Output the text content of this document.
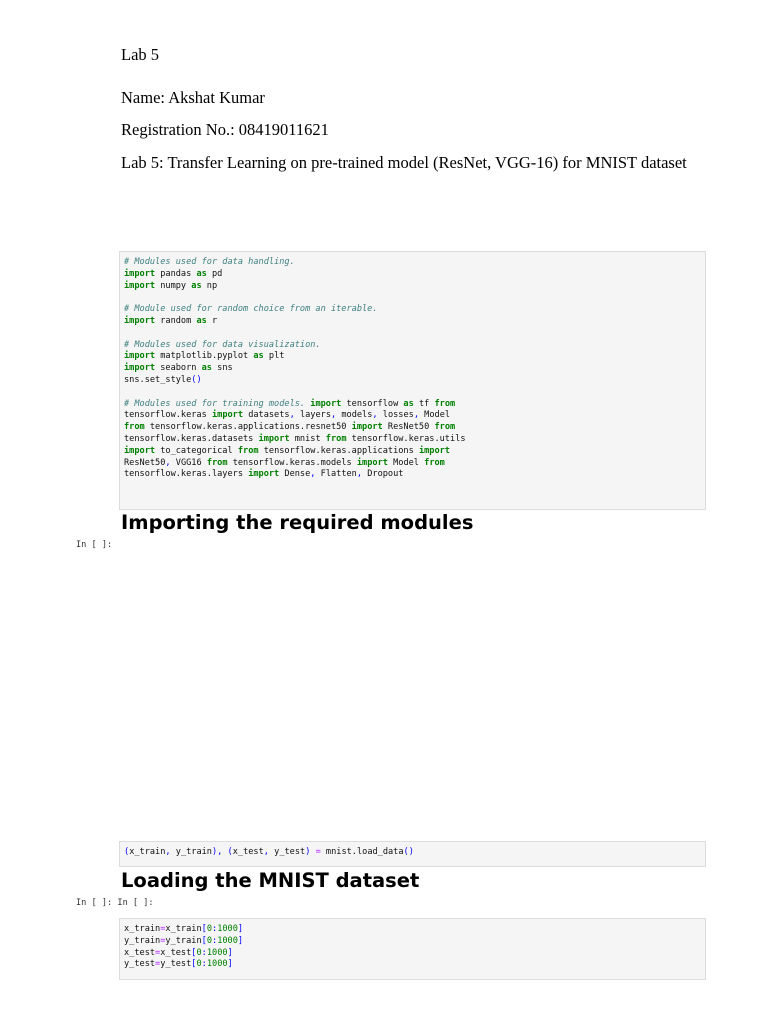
Lab 5
Name: Akshat Kumar
Registration No.: 08419011621
Lab 5: Transfer Learning on pre-trained model (ResNet, VGG-16) for MNIST dataset
# Modules used for data handling.
import pandas as pd
import numpy as np
# Module used for random choice from an iterable.
import random as r
# Modules used for data visualization.
import matplotlib.pyplot as plt
import seaborn as sns
sns.set_style()
# Modules used for training models. import tensorflow as tf from
tensorflow.keras import datasets, layers, models, losses, Model
from tensorflow.keras.applications.resnet50 import ResNet50 from
tensorflow.keras.datasets import mnist from tensorflow.keras.utils
import to_categorical from tensorflow.keras.applications import
ResNet50, VGG16 from tensorflow.keras.models import Model from
tensorflow.keras.layers import Dense, Flatten, Dropout
Importing the required modules
In [ ]:
(x_train, y_train), (x_test, y_test) = mnist.load_data()
Loading the MNIST dataset
In [ ]: In [ ]:
x_train=x_train[0:1000]
y_train=y_train[0:1000]
x_test=x_test[0:1000]
y_test=y_test[0:1000]
